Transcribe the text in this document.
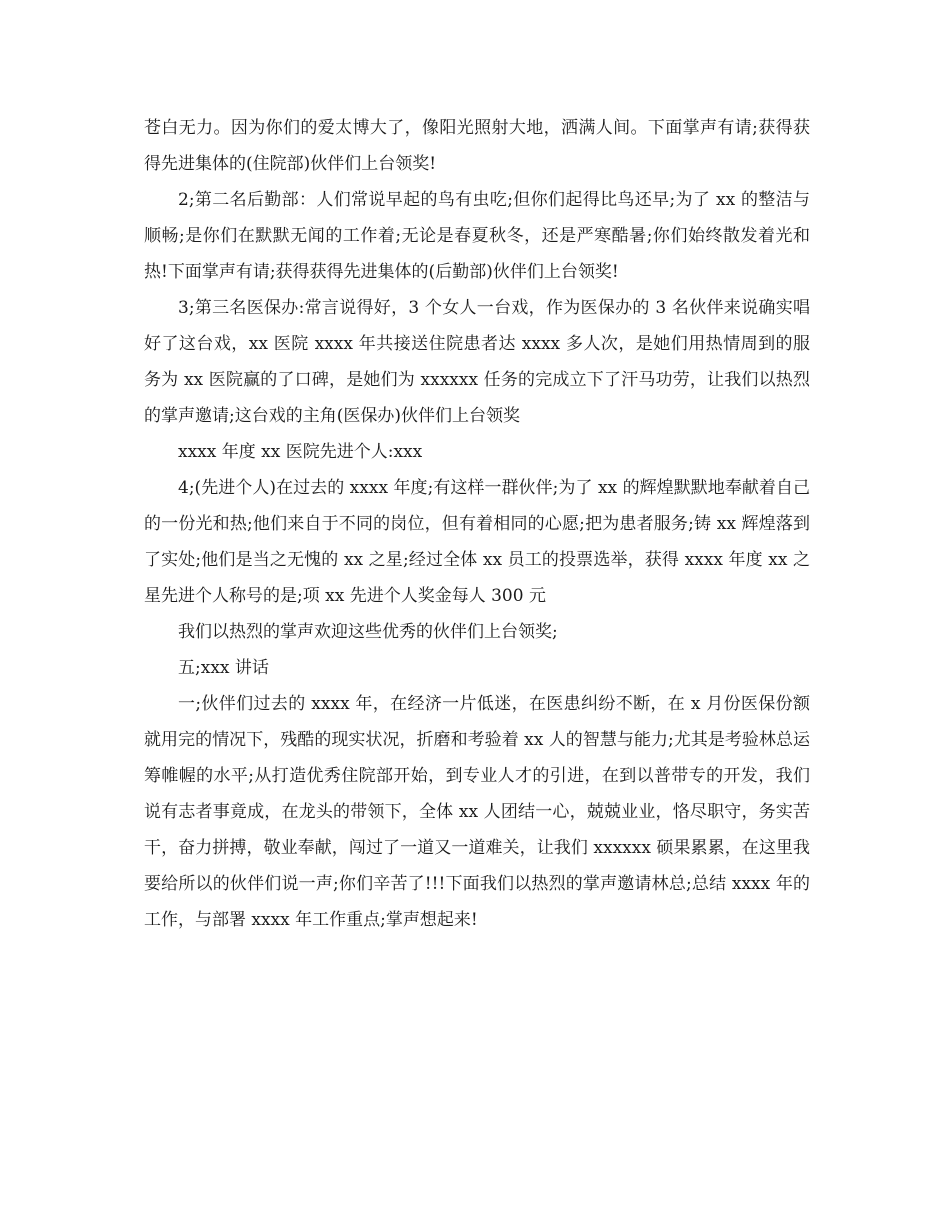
苍白无力。因为你们的爱太博大了，像阳光照射大地，洒满人间。下面掌声有请;获得获得先进集体的(住院部)伙伴们上台领奖!

2;第二名后勤部：人们常说早起的鸟有虫吃;但你们起得比鸟还早;为了 xx 的整洁与顺畅;是你们在默默无闻的工作着;无论是春夏秋冬，还是严寒酷暑;你们始终散发着光和热!下面掌声有请;获得获得先进集体的(后勤部)伙伴们上台领奖!

3;第三名医保办:常言说得好，3 个女人一台戏，作为医保办的 3 名伙伴来说确实唱好了这台戏，xx 医院 xxxx 年共接送住院患者达 xxxx 多人次，是她们用热情周到的服务为 xx 医院赢的了口碑，是她们为 xxxxxx 任务的完成立下了汗马功劳，让我们以热烈的掌声邀请;这台戏的主角(医保办)伙伴们上台领奖

xxxx 年度 xx 医院先进个人:xxx

4;(先进个人)在过去的 xxxx 年度;有这样一群伙伴;为了 xx 的辉煌默默地奉献着自己的一份光和热;他们来自于不同的岗位，但有着相同的心愿;把为患者服务;铸 xx 辉煌落到了实处;他们是当之无愧的 xx 之星;经过全体 xx 员工的投票选举，获得 xxxx 年度 xx 之星先进个人称号的是;项 xx 先进个人奖金每人 300 元

我们以热烈的掌声欢迎这些优秀的伙伴们上台领奖;

五;xxx 讲话

一;伙伴们过去的 xxxx 年，在经济一片低迷，在医患纠纷不断，在 x 月份医保份额就用完的情况下，残酷的现实状况，折磨和考验着 xx 人的智慧与能力;尤其是考验林总运筹帷幄的水平;从打造优秀住院部开始，到专业人才的引进，在到以普带专的开发，我们说有志者事竟成，在龙头的带领下，全体 xx 人团结一心，兢兢业业，恪尽职守，务实苦干，奋力拼搏，敬业奉献，闯过了一道又一道难关，让我们 xxxxxx 硕果累累，在这里我要给所以的伙伴们说一声;你们辛苦了!!!下面我们以热烈的掌声邀请林总;总结 xxxx 年的工作，与部署 xxxx 年工作重点;掌声想起来!
